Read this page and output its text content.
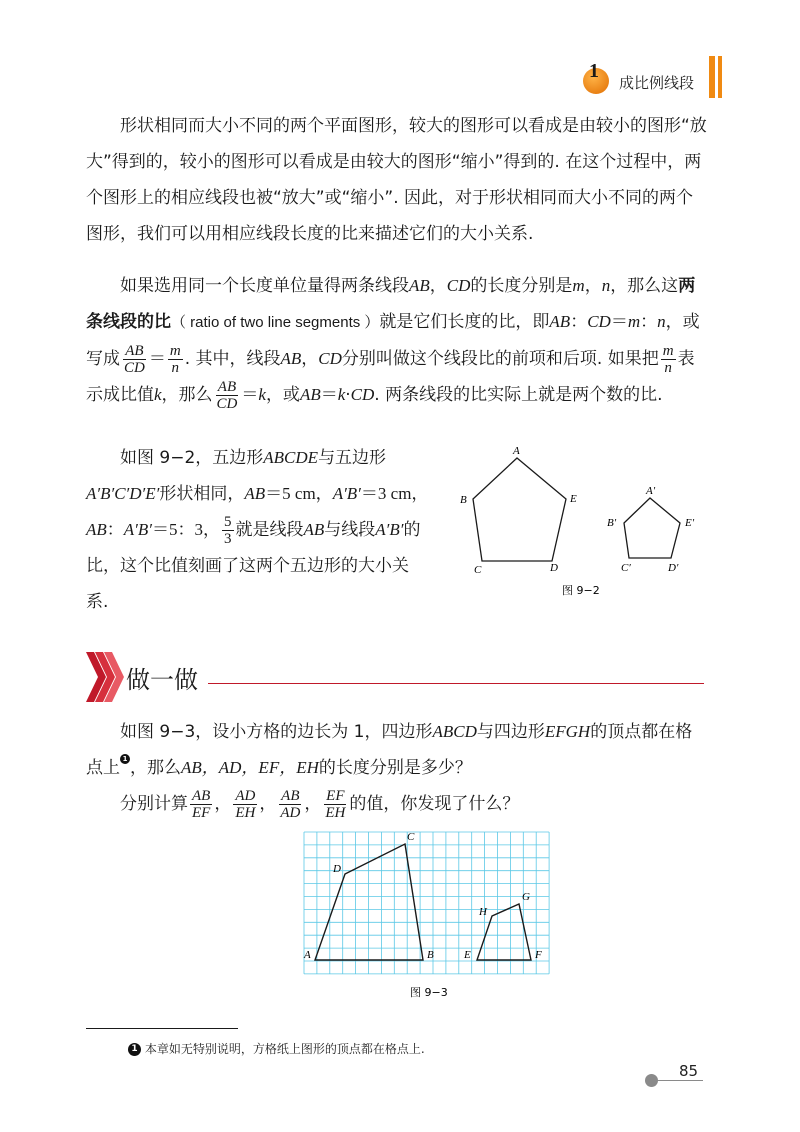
1
成比例线段
形状相同而大小不同的两个平面图形，较大的图形可以看成是由较小的图形“放大”得到的，较小的图形可以看成是由较大的图形“缩小”得到的. 在这个过程中，两个图形上的相应线段也被“放大”或“缩小”. 因此，对于形状相同而大小不同的两个图形，我们可以用相应线段长度的比来描述它们的大小关系.
如果选用同一个长度单位量得两条线段AB，CD的长度分别是m，n，那么这两条线段的比（ ratio of two line segments ）就是它们长度的比，即AB：CD＝m：n，或写成 $\frac{AB}{CD} = \frac{m}{n}$ . 其中，线段AB，CD分别叫做这个线段比的前项和后项. 如果把 $\frac{m}{n}$ 表示成比值k，那么 $\frac{AB}{CD} =k$，或AB＝k·CD. 两条线段的比实际上就是两个数的比.
如图 9−2，五边形ABCDE与五边形A′B′C′D′E′形状相同，AB＝5 cm，A′B′＝3 cm，AB：A′B′＝5：3， $\frac{5}{3}$ 就是线段AB与线段A′B′的比，这个比值刻画了这两个五边形的大小关系.
A
B
C	D
E
A′
B′
C′	D′
E′
图 9−2
做一做
如图 9−3，设小方格的边长为 1，四边形ABCD与四边形EFGH的顶点都在格点上 1 ，那么AB，AD，EF，EH的长度分别是多少？
分别计算 $\frac{AB}{EF}$ ， $\frac{AD}{EH}$ ， $\frac{AB}{AD}$ ， $\frac{EF}{EH}$ 的值，你发现了什么？
A	B
C
D
E	F
G
H
图 9−3
1 本章如无特别说明，方格纸上图形的顶点都在格点上.
85
